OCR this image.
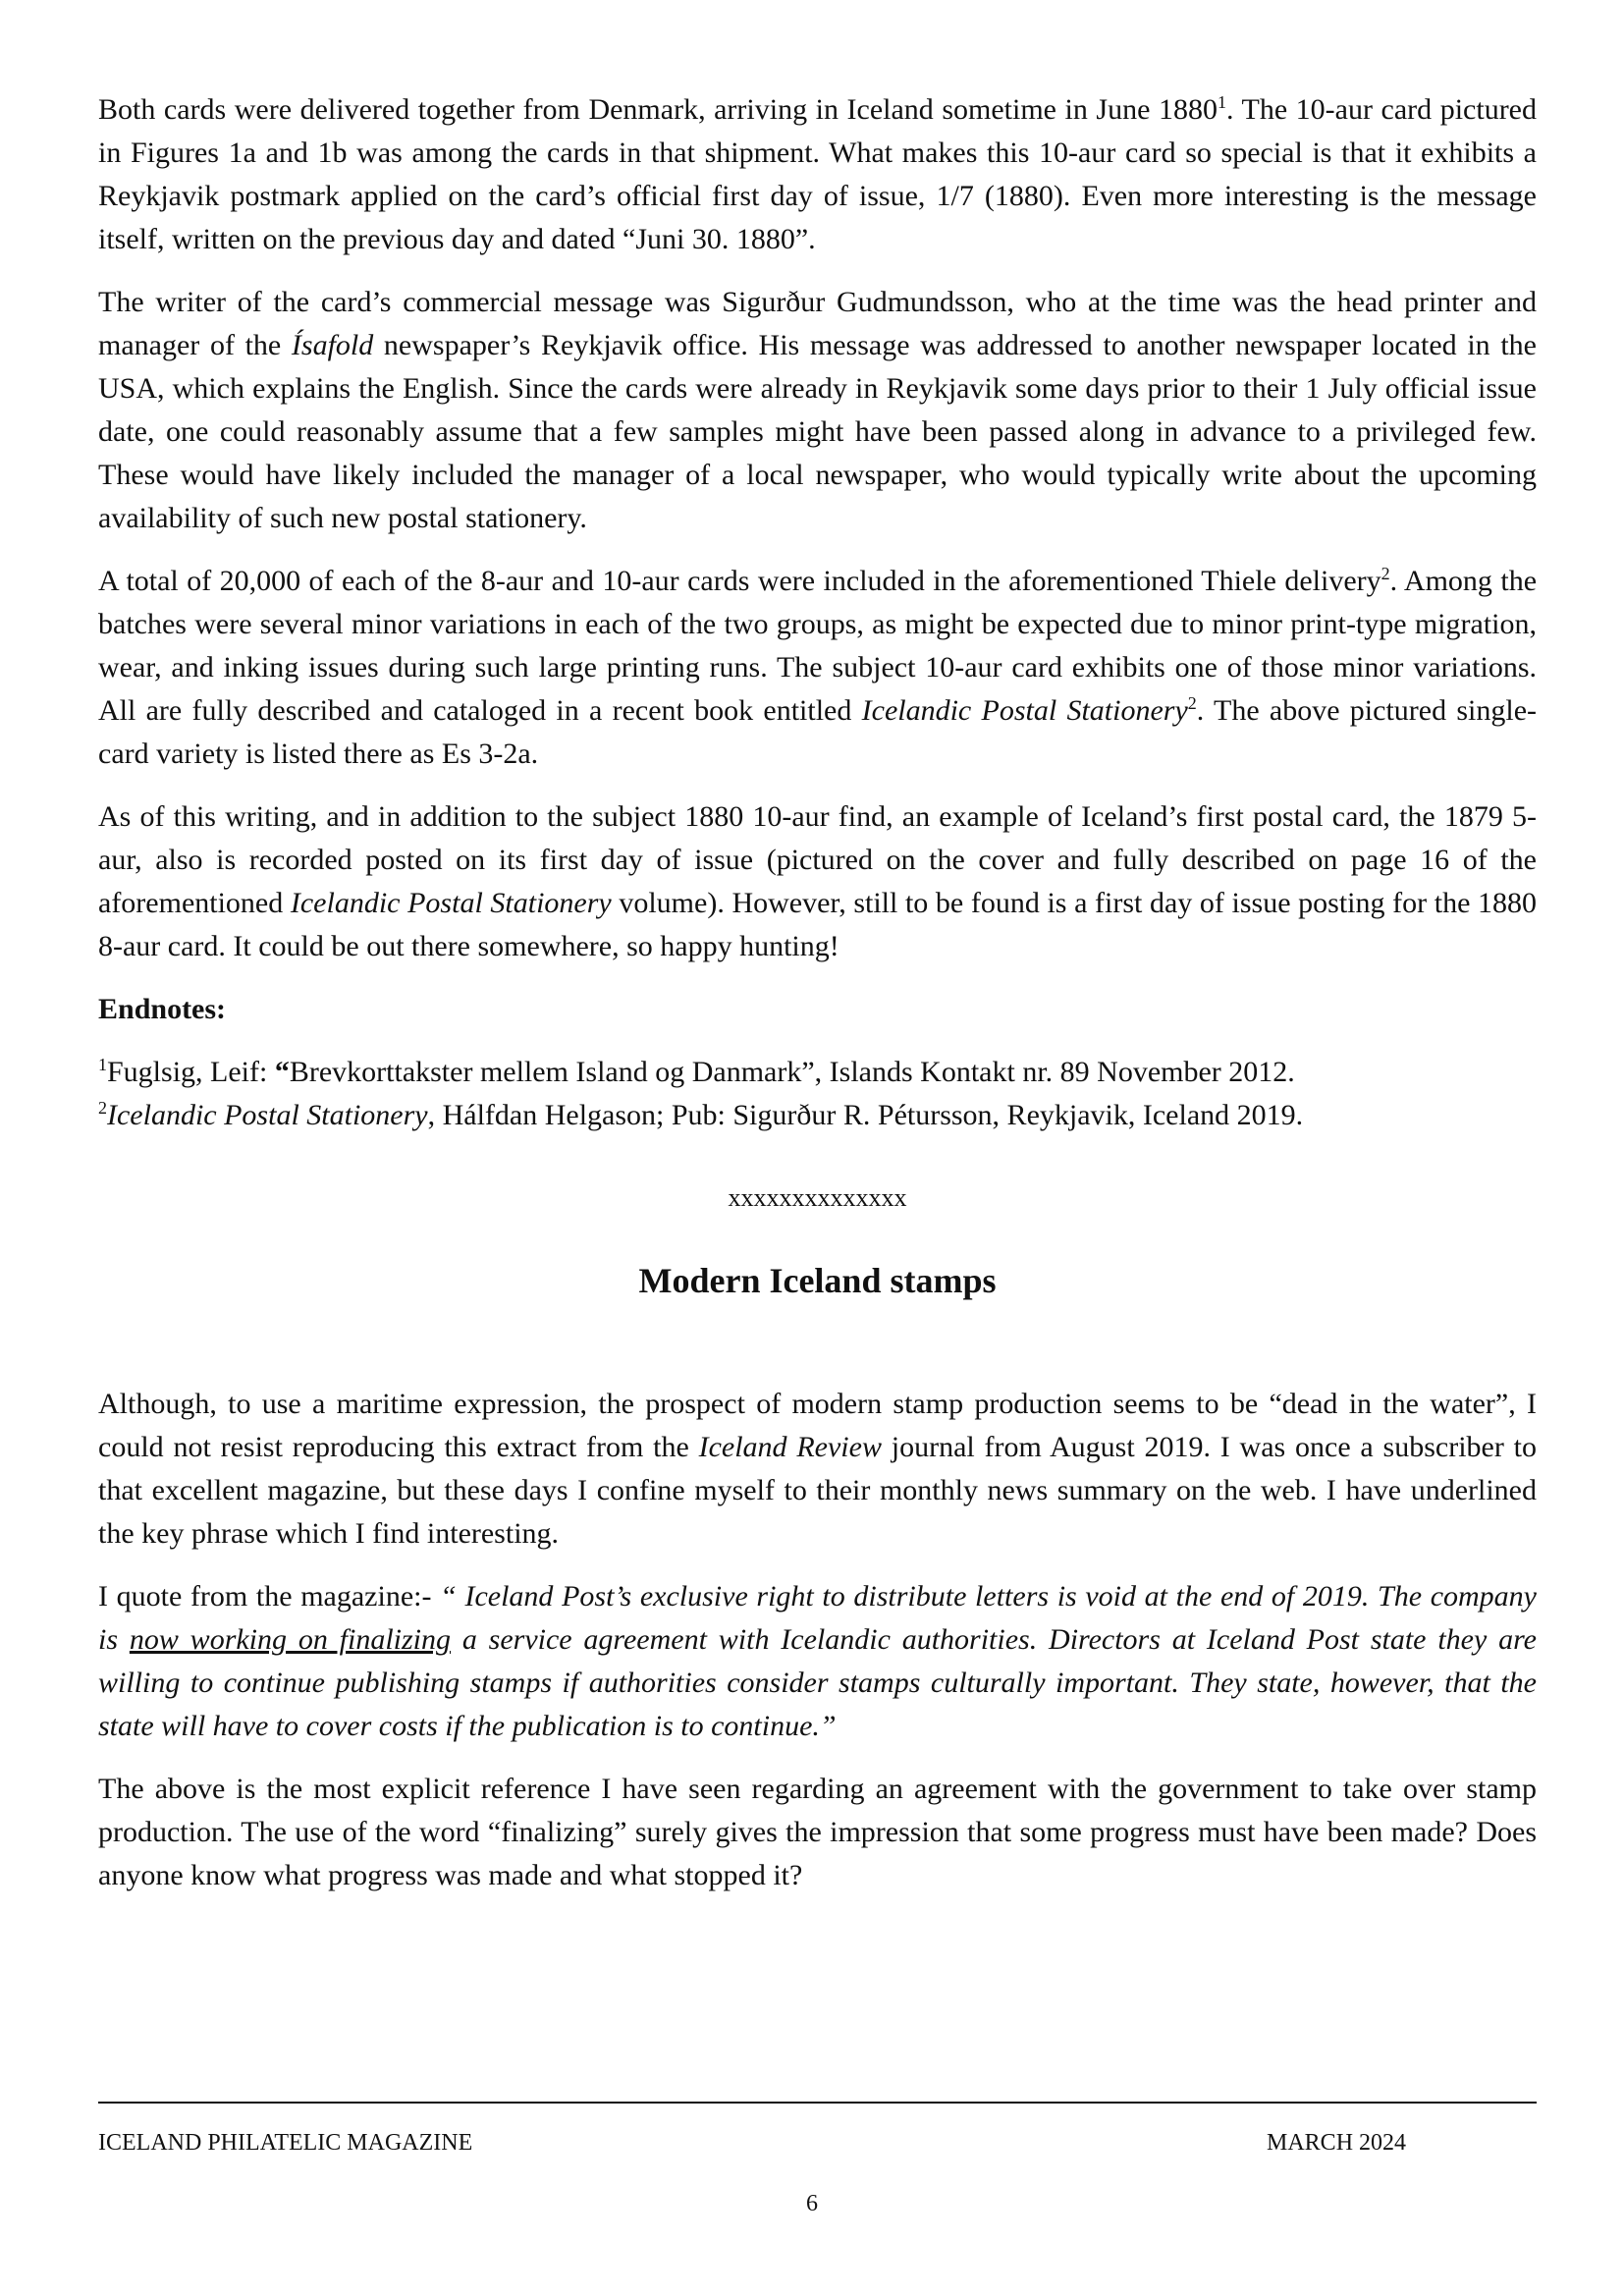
Both cards were delivered together from Denmark, arriving in Iceland sometime in June 1880$^1$. The 10-aur card pictured in Figures 1a and 1b was among the cards in that shipment. What makes this 10-aur card so special is that it exhibits a Reykjavik postmark applied on the card’s official first day of issue, 1/7 (1880). Even more interesting is the message itself, written on the previous day and dated “Juni 30. 1880”.

The writer of the card’s commercial message was Sigurður Gudmundsson, who at the time was the head printer and manager of the Ísafold newspaper’s Reykjavik office. His message was addressed to another newspaper located in the USA, which explains the English. Since the cards were already in Reykjavik some days prior to their 1 July official issue date, one could reasonably assume that a few samples might have been passed along in advance to a privileged few. These would have likely included the manager of a local newspaper, who would typically write about the upcoming availability of such new postal stationery.

A total of 20,000 of each of the 8-aur and 10-aur cards were included in the aforementioned Thiele delivery$^2$. Among the batches were several minor variations in each of the two groups, as might be expected due to minor print-type migration, wear, and inking issues during such large printing runs. The subject 10-aur card exhibits one of those minor variations. All are fully described and cataloged in a recent book entitled Icelandic Postal Stationery$^2$. The above pictured single-card variety is listed there as Es 3-2a.

As of this writing, and in addition to the subject 1880 10-aur find, an example of Iceland’s first postal card, the 1879 5-aur, also is recorded posted on its first day of issue (pictured on the cover and fully described on page 16 of the aforementioned Icelandic Postal Stationery volume). However, still to be found is a first day of issue posting for the 1880 8-aur card. It could be out there somewhere, so happy hunting!

Endnotes:

$^1$Fuglsig, Leif: “Brevkorttakster mellem Island og Danmark”, Islands Kontakt nr. 89 November 2012.

$^2$Icelandic Postal Stationery, Hálfdan Helgason; Pub: Sigurður R. Pétursson, Reykjavik, Iceland 2019.

xxxxxxxxxxxxxx
Modern Iceland stamps

Although, to use a maritime expression, the prospect of modern stamp production seems to be “dead in the water”, I could not resist reproducing this extract from the Iceland Review journal from August 2019. I was once a subscriber to that excellent magazine, but these days I confine myself to their monthly news summary on the web. I have underlined the key phrase which I find interesting.

I quote from the magazine:- “ Iceland Post’s exclusive right to distribute letters is void at the end of 2019. The company is now working on finalizing a service agreement with Icelandic authorities. Directors at Iceland Post state they are willing to continue publishing stamps if authorities consider stamps culturally important. They state, however, that the state will have to cover costs if the publication is to continue.”

The above is the most explicit reference I have seen regarding an agreement with the government to take over stamp production. The use of the word “finalizing” surely gives the impression that some progress must have been made? Does anyone know what progress was made and what stopped it?

ICELAND PHILATELIC MAGAZINE	MARCH 2024
6
